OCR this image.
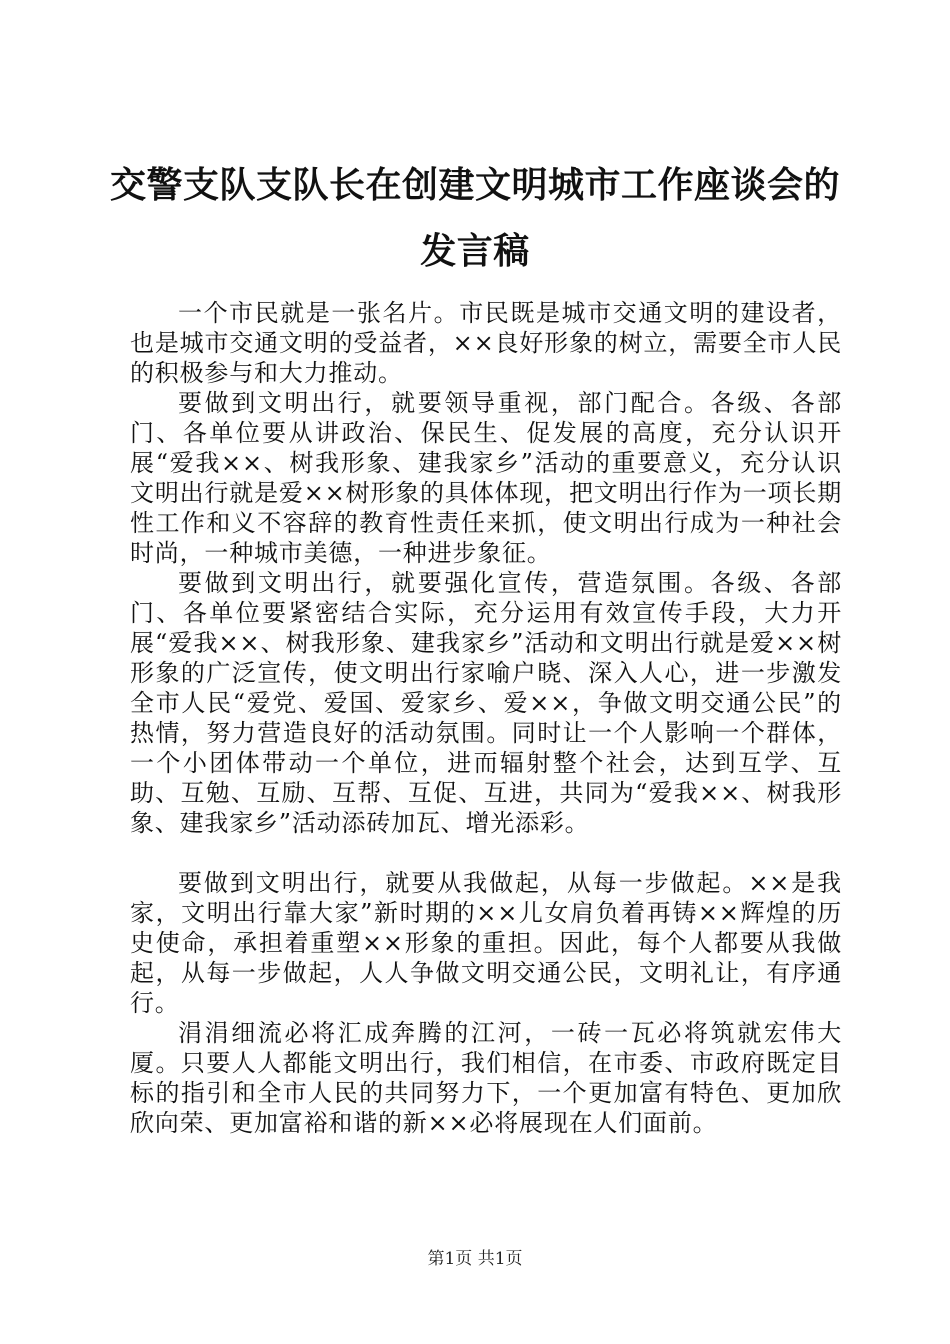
交警支队支队长在创建文明城市工作座谈会的
发言稿

一个市民就是一张名片。市民既是城市交通文明的建设者，也是城市交通文明的受益者，××良好形象的树立，需要全市人民的积极参与和大力推动。

要做到文明出行，就要领导重视，部门配合。各级、各部门、各单位要从讲政治、保民生、促发展的高度，充分认识开展“爱我××、树我形象、建我家乡”活动的重要意义，充分认识文明出行就是爱××树形象的具体体现，把文明出行作为一项长期性工作和义不容辞的教育性责任来抓，使文明出行成为一种社会时尚，一种城市美德，一种进步象征。

要做到文明出行，就要强化宣传，营造氛围。各级、各部门、各单位要紧密结合实际，充分运用有效宣传手段，大力开展“爱我××、树我形象、建我家乡”活动和文明出行就是爱××树形象的广泛宣传，使文明出行家喻户晓、深入人心，进一步激发全市人民“爱党、爱国、爱家乡、爱××，争做文明交通公民”的热情，努力营造良好的活动氛围。同时让一个人影响一个群体，一个小团体带动一个单位，进而辐射整个社会，达到互学、互助、互勉、互励、互帮、互促、互进，共同为“爱我××、树我形象、建我家乡”活动添砖加瓦、增光添彩。

要做到文明出行，就要从我做起，从每一步做起。××是我家，文明出行靠大家”新时期的××儿女肩负着再铸××辉煌的历史使命，承担着重塑××形象的重担。因此，每个人都要从我做起，从每一步做起，人人争做文明交通公民，文明礼让，有序通行。

涓涓细流必将汇成奔腾的江河，一砖一瓦必将筑就宏伟大厦。只要人人都能文明出行，我们相信，在市委、市政府既定目标的指引和全市人民的共同努力下，一个更加富有特色、更加欣欣向荣、更加富裕和谐的新××必将展现在人们面前。

第1页 共1页
